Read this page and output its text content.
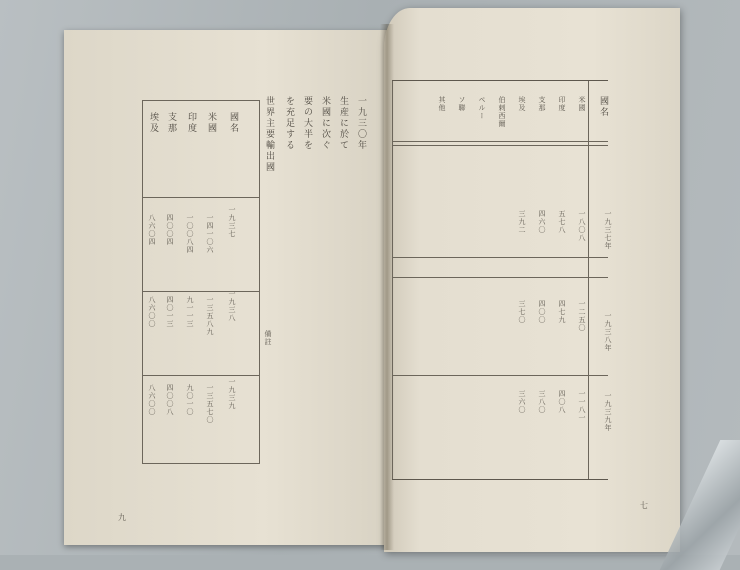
國名
一九三七
一九三八
一九三九
米國
一四一〇六
一三五八九
一三五七〇
印度
一〇〇八四
九一一三
九〇一〇
支那
四〇〇四
四〇一三
四〇〇八
埃及
八六〇四
八六〇〇
八六〇〇
一九三〇年
生産に於て
米國に次ぐ
要の大半を
を充足する
世界主要輸出國
備註
九
國名
米國
印度
支那
埃及
伯刺西爾
ペルー
ソ聯
其他
一九三七年
一九三八年
一九三九年
一八〇八
一二五〇
一一八一
五七八
四七九
四〇八
四六〇
四〇〇
三八〇
三九二
三七〇
三六〇
七
